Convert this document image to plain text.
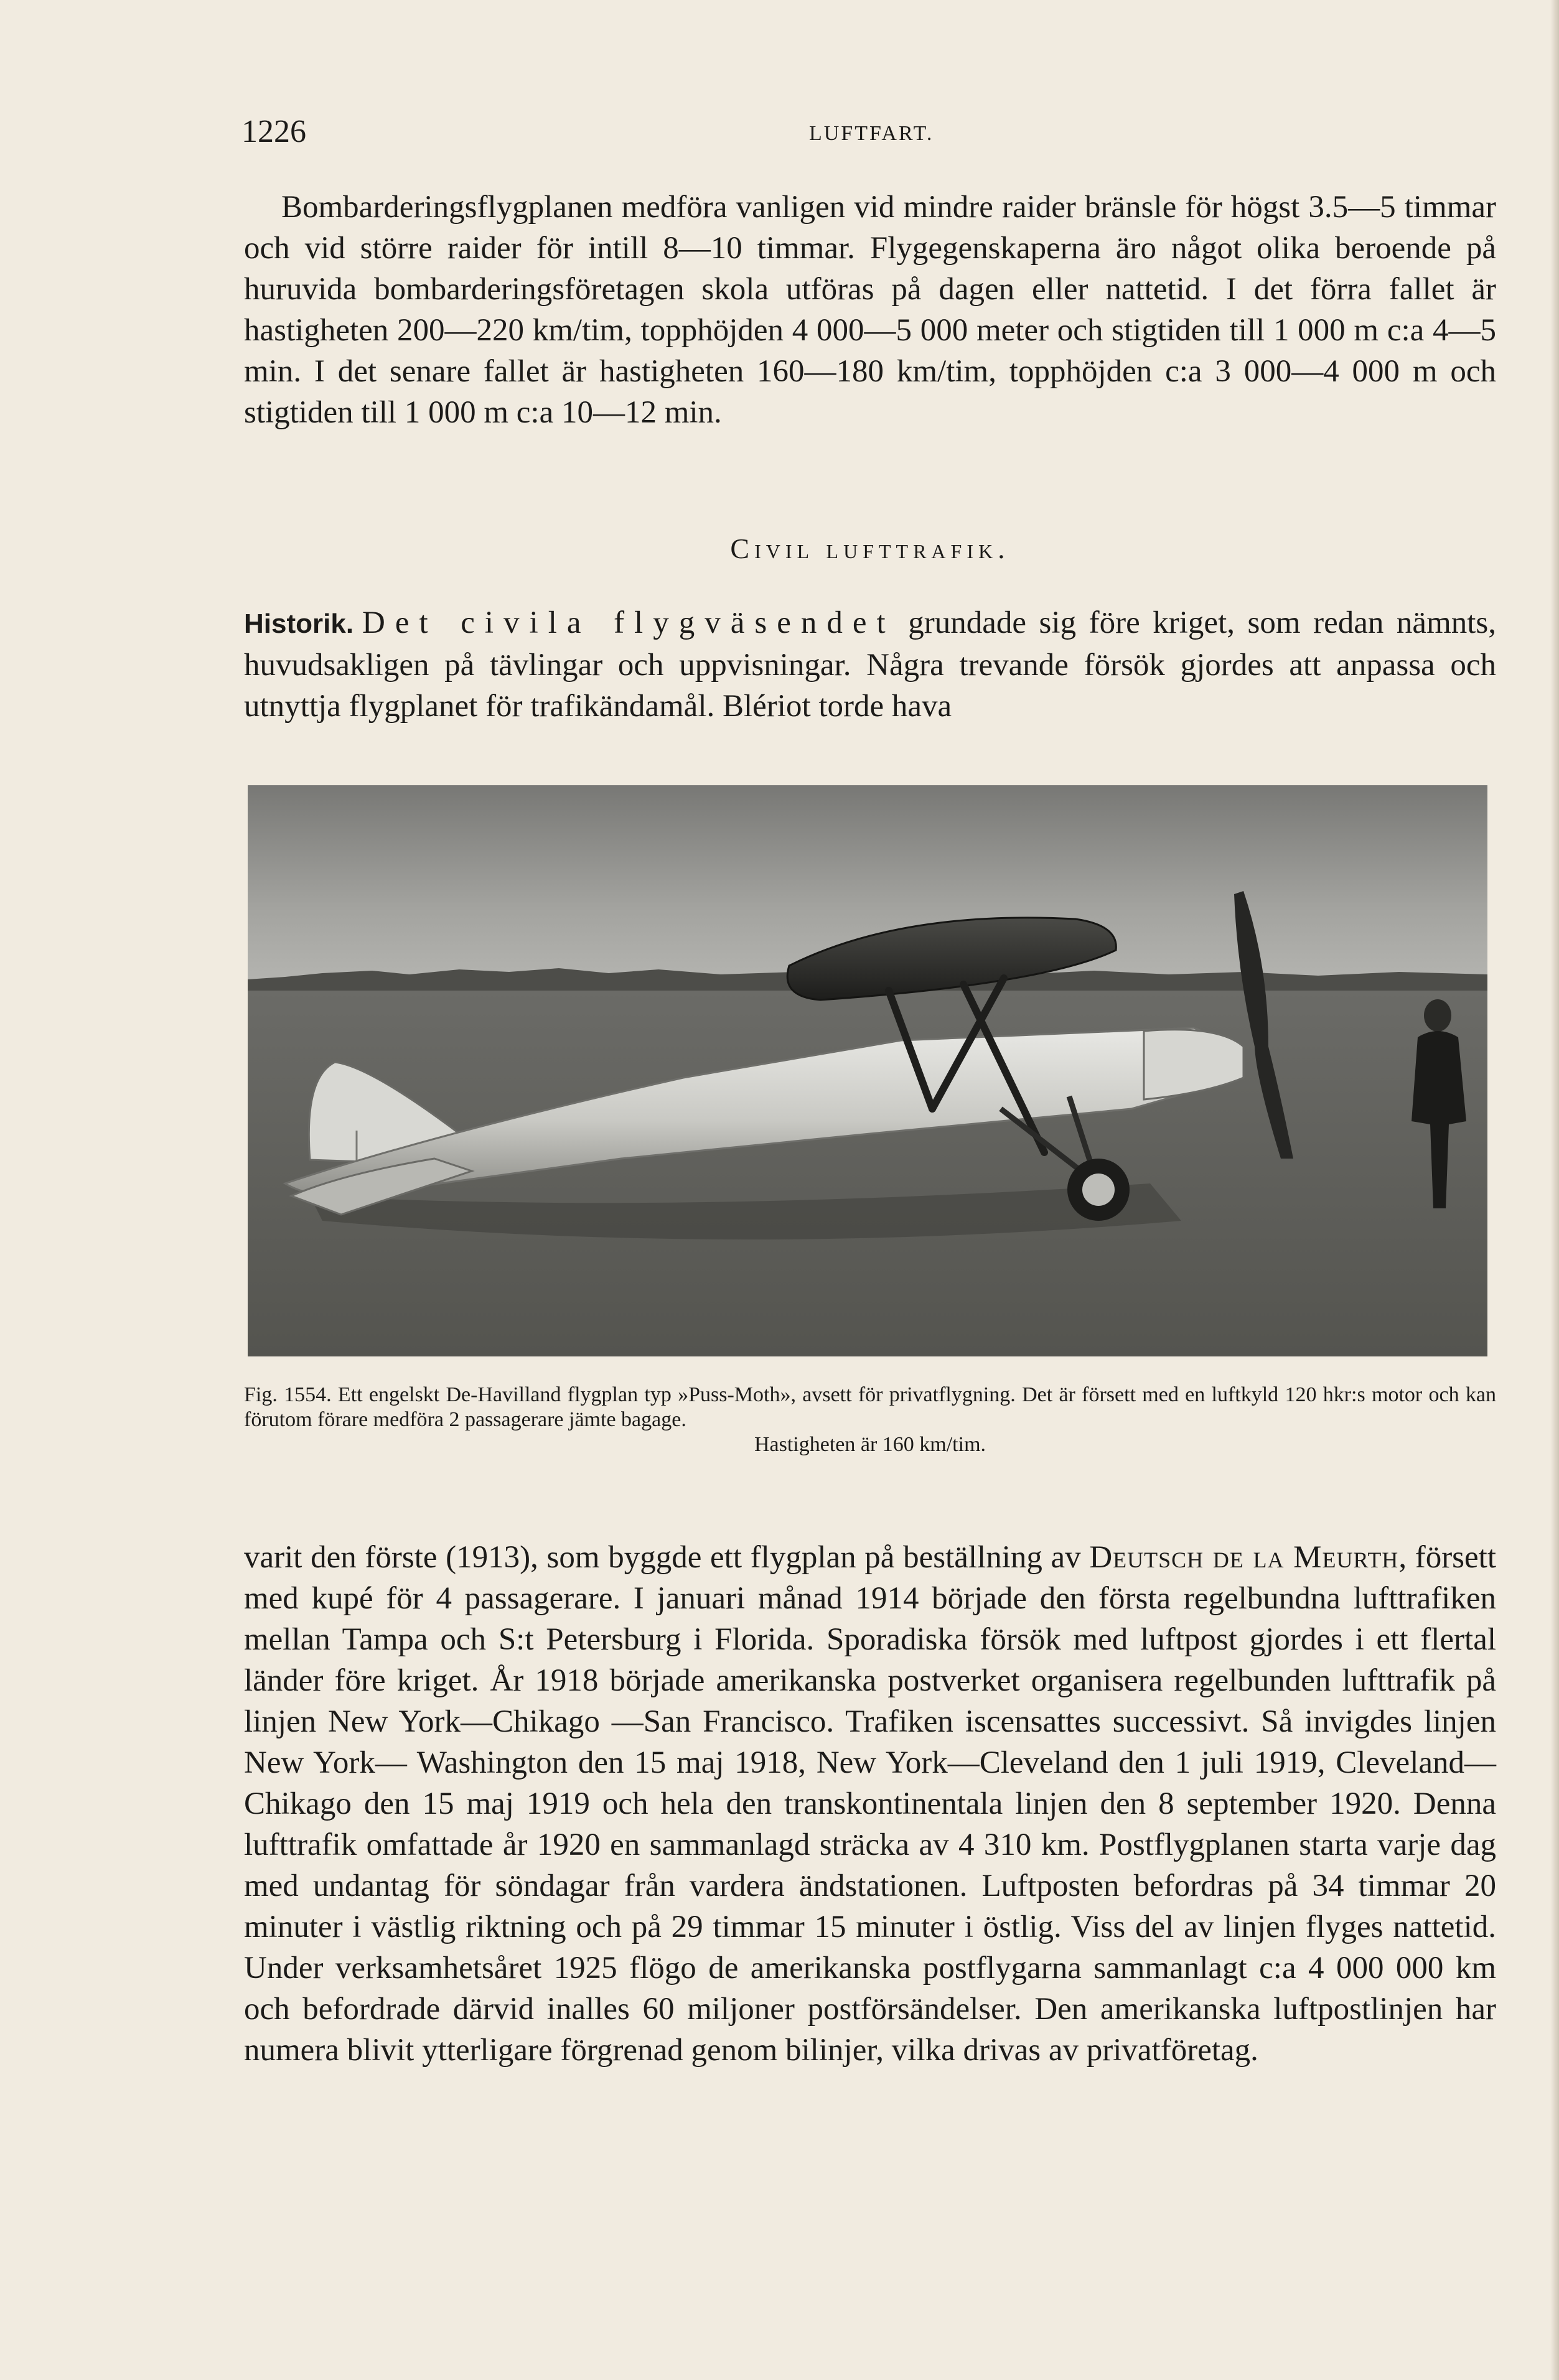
1226	LUFTFART.

Bombarderingsflygplanen medföra vanligen vid mindre raider bränsle för högst 3.5—5 timmar och vid större raider för intill 8—10 timmar. Flygegenskaperna äro något olika beroende på huruvida bombarderingsföretagen skola utföras på dagen eller nattetid. I det förra fallet är hastigheten 200—220 km/tim, topphöjden 4 000—5 000 meter och stigtiden till 1 000 m c:a 4—5 min. I det senare fallet är hastigheten 160—180 km/tim, topphöjden c:a 3 000—4 000 m och stigtiden till 1 000 m c:a 10—12 min.

Civil lufttrafik.

Historik. Det civila flygväsendet grundade sig före kriget, som redan nämnts, huvudsakligen på tävlingar och uppvisningar. Några trevande försök gjordes att anpassa och utnyttja flygplanet för trafikändamål. Blériot torde hava

Fig. 1554. Ett engelskt De-Havilland flygplan typ »Puss-Moth», avsett för privatflygning. Det är försett med en luftkyld 120 hkr:s motor och kan förutom förare medföra 2 passagerare jämte bagage.
Hastigheten är 160 km/tim.

varit den förste (1913), som byggde ett flygplan på beställning av Deutsch de la Meurth, försett med kupé för 4 passagerare. I januari månad 1914 började den första regelbundna lufttrafiken mellan Tampa och S:t Petersburg i Florida. Sporadiska försök med luftpost gjordes i ett flertal länder före kriget. År 1918 började amerikanska postverket organisera regelbunden lufttrafik på linjen New York—Chikago —San Francisco. Trafiken iscensattes successivt. Så invigdes linjen New York— Washington den 15 maj 1918, New York—Cleveland den 1 juli 1919, Cleveland— Chikago den 15 maj 1919 och hela den transkontinentala linjen den 8 september 1920. Denna lufttrafik omfattade år 1920 en sammanlagd sträcka av 4 310 km. Postflygplanen starta varje dag med undantag för söndagar från vardera ändstationen. Luftposten befordras på 34 timmar 20 minuter i västlig riktning och på 29 timmar 15 minuter i östlig. Viss del av linjen flyges nattetid. Under verksamhetsåret 1925 flögo de amerikanska postflygarna sammanlagt c:a 4 000 000 km och befordrade därvid inalles 60 miljoner postförsändelser. Den amerikanska luftpostlinjen har numera blivit ytterligare förgrenad genom bilinjer, vilka drivas av privatföretag.
